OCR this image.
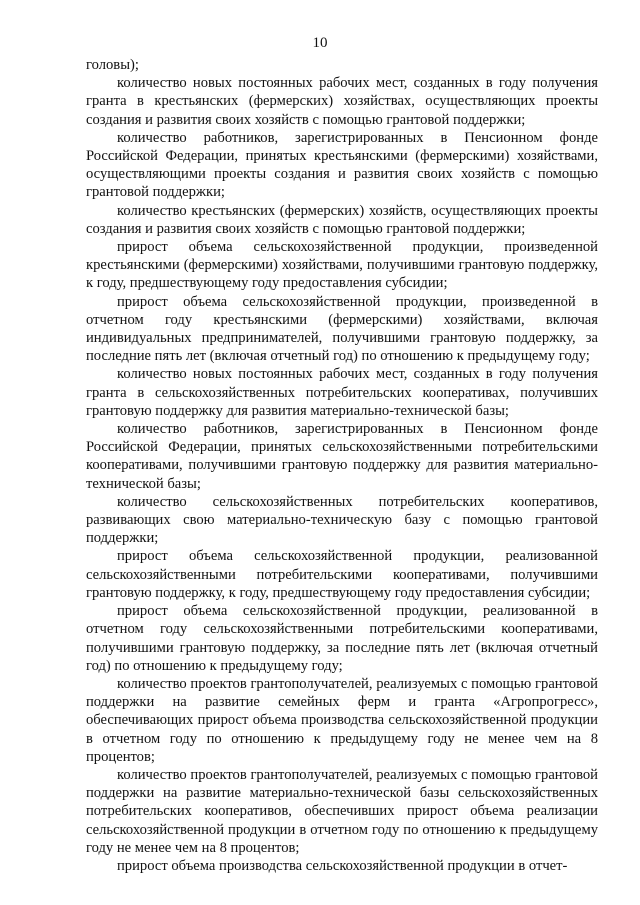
10

головы);

количество новых постоянных рабочих мест, созданных в году получения гранта в крестьянских (фермерских) хозяйствах, осуществляющих проекты создания и развития своих хозяйств с помощью грантовой поддержки;

количество работников, зарегистрированных в Пенсионном фонде Российской Федерации, принятых крестьянскими (фермерскими) хозяйствами, осуществляющими проекты создания и развития своих хозяйств с помощью грантовой поддержки;

количество крестьянских (фермерских) хозяйств, осуществляющих проекты создания и развития своих хозяйств с помощью грантовой поддержки;

прирост объема сельскохозяйственной продукции, произведенной крестьянскими (фермерскими) хозяйствами, получившими грантовую поддержку, к году, предшествующему году предоставления субсидии;

прирост объема сельскохозяйственной продукции, произведенной в отчетном году крестьянскими (фермерскими) хозяйствами, включая индивидуальных предпринимателей, получившими грантовую поддержку, за последние пять лет (включая отчетный год) по отношению к предыдущему году;

количество новых постоянных рабочих мест, созданных в году получения гранта в сельскохозяйственных потребительских кооперативах, получивших грантовую поддержку для развития материально-технической базы;

количество работников, зарегистрированных в Пенсионном фонде Российской Федерации, принятых сельскохозяйственными потребительскими кооперативами, получившими грантовую поддержку для развития материально-технической базы;

количество сельскохозяйственных потребительских кооперативов, развивающих свою материально-техническую базу с помощью грантовой поддержки;

прирост объема сельскохозяйственной продукции, реализованной сельскохозяйственными потребительскими кооперативами, получившими грантовую поддержку, к году, предшествующему году предоставления субсидии;

прирост объема сельскохозяйственной продукции, реализованной в отчетном году сельскохозяйственными потребительскими кооперативами, получившими грантовую поддержку, за последние пять лет (включая отчетный год) по отношению к предыдущему году;

количество проектов грантополучателей, реализуемых с помощью грантовой поддержки на развитие семейных ферм и гранта «Агропрогресс», обеспечивающих прирост объема производства сельскохозяйственной продукции в отчетном году по отношению к предыдущему году не менее чем на 8 процентов;

количество проектов грантополучателей, реализуемых с помощью грантовой поддержки на развитие материально-технической базы сельскохозяйственных потребительских кооперативов, обеспечивших прирост объема реализации сельскохозяйственной продукции в отчетном году по отношению к предыдущему году не менее чем на 8 процентов;

прирост объема производства сельскохозяйственной продукции в отчет-
